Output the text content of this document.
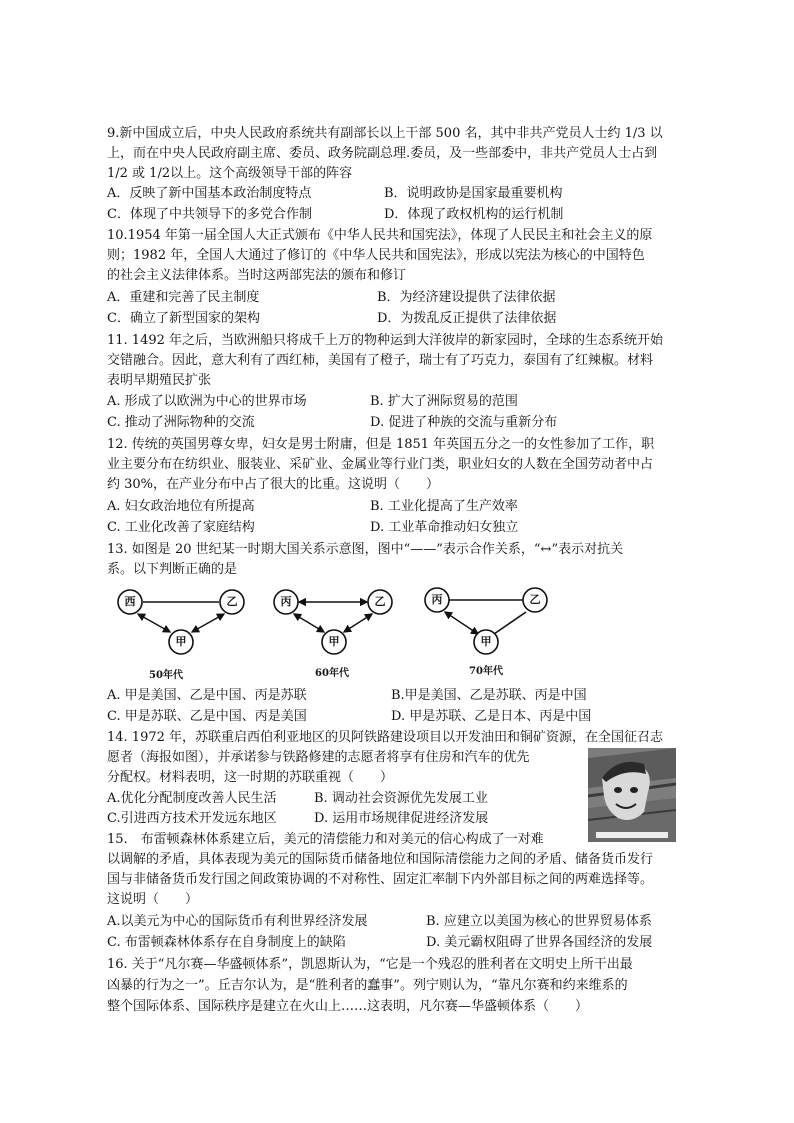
9.新中国成立后，中央人民政府系统共有副部长以上干部 500 名，其中非共产党员人士约 1/3 以
上，而在中央人民政府副主席、委员、政务院副总理.委员，及一些部委中，非共产党员人士占到
1/2 或 1/2以上。这个高级领导干部的阵容
A．反映了新中国基本政治制度特点	B．说明政协是国家最重要机构
C．体现了中共领导下的多党合作制	D．体现了政权机构的运行机制
10.1954 年第一届全国人大正式颁布《中华人民共和国宪法》，体现了人民民主和社会主义的原
则；1982 年，全国人大通过了修订的《中华人民共和国宪法》，形成以宪法为核心的中国特色
的社会主义法律体系。当时这两部宪法的颁布和修订
A．重建和完善了民主制度	B．为经济建设提供了法律依据
C．确立了新型国家的架构	D．为拨乱反正提供了法律依据
11. 1492 年之后，当欧洲船只将成千上万的物种运到大洋彼岸的新家园时，全球的生态系统开始
交错融合。因此，意大利有了西红柿，美国有了橙子，瑞士有了巧克力，泰国有了红辣椒。材料
表明早期殖民扩张
A. 形成了以欧洲为中心的世界市场	B. 扩大了洲际贸易的范围
C. 推动了洲际物种的交流	D. 促进了种族的交流与重新分布
12. 传统的英国男尊女卑，妇女是男士附庸，但是 1851 年英国五分之一的女性参加了工作，职
业主要分布在纺织业、服装业、采矿业、金属业等行业门类，职业妇女的人数在全国劳动者中占
约 30%，在产业分布中占了很大的比重。这说明（　　）
A. 妇女政治地位有所提高	B. 工业化提高了生产效率
C. 工业化改善了家庭结构	D. 工业革命推动妇女独立
13. 如图是 20 世纪某一时期大国关系示意图，图中“——”表示合作关系，“↔”表示对抗关
系。以下判断正确的是
西	乙
甲
50年代
丙	乙
甲
60年代
丙	乙
甲
70年代
A. 甲是美国、乙是中国、丙是苏联	B.甲是美国、乙是苏联、丙是中国
C. 甲是苏联、乙是中国、丙是美国	D. 甲是苏联、乙是日本、丙是中国
14. 1972 年，苏联重启西伯利亚地区的贝阿铁路建设项目以开发油田和铜矿资源，在全国征召志
愿者（海报如图），并承诺参与铁路修建的志愿者将享有住房和汽车的优先
分配权。材料表明，这一时期的苏联重视（　　）
A.优化分配制度改善人民生活	B. 调动社会资源优先发展工业
C.引进西方技术开发远东地区	D. 运用市场规律促进经济发展
15.　布雷顿森林体系建立后，美元的清偿能力和对美元的信心构成了一对难
以调解的矛盾，具体表现为美元的国际货币储备地位和国际清偿能力之间的矛盾、储备货币发行
国与非储备货币发行国之间政策协调的不对称性、固定汇率制下内外部目标之间的两难选择等。
这说明（　　）
A.以美元为中心的国际货币有利世界经济发展	B. 应建立以美国为核心的世界贸易体系
C. 布雷顿森林体系存在自身制度上的缺陷	D. 美元霸权阻碍了世界各国经济的发展
16. 关于“凡尔赛—华盛顿体系”，凯恩斯认为，“它是一个残忍的胜利者在文明史上所干出最
凶暴的行为之一”。丘吉尔认为，是“胜利者的蠢事”。列宁则认为，“靠凡尔赛和约来维系的
整个国际体系、国际秩序是建立在火山上……这表明，凡尔赛—华盛顿体系（　　）
